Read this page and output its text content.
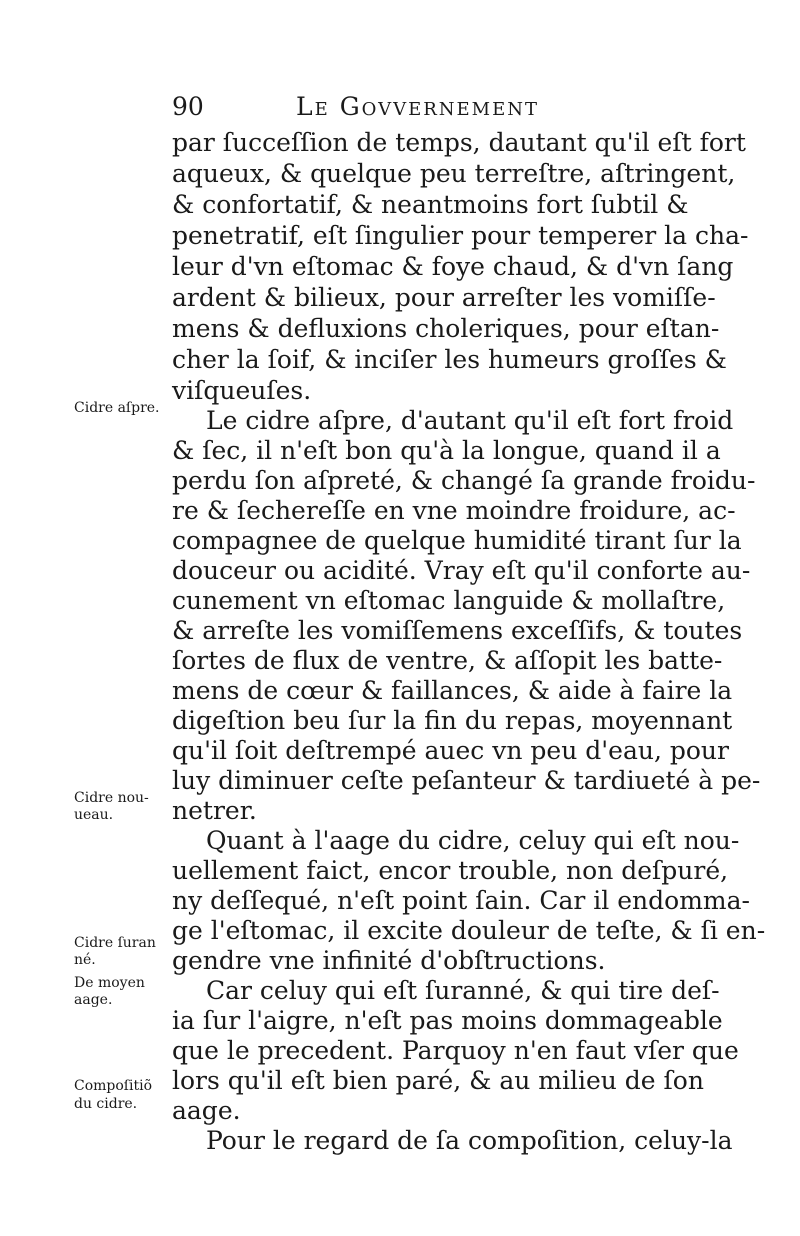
90	Le Govvernement
par ſucceſſion de temps, dautant qu'il eſt fort
aqueux, & quelque peu terreſtre, aſtringent,
& confortatif, & neantmoins fort ſubtil &
penetratif, eſt ſingulier pour temperer la cha-
leur d'vn eſtomac & foye chaud, & d'vn ſang
ardent & bilieux, pour arreſter les vomiſſe-
mens & defluxions choleriques, pour eſtan-
cher la ſoif, & inciſer les humeurs groſſes &
viſqueuſes.
Le cidre aſpre, d'autant qu'il eſt fort froid
& ſec, il n'eſt bon qu'à la longue, quand il a
perdu ſon aſpreté, & changé ſa grande froidu-
re & ſechereſſe en vne moindre froidure, ac-
compagnee de quelque humidité tirant ſur la
douceur ou acidité. Vray eſt qu'il conforte au-
cunement vn eſtomac languide & mollaſtre,
& arreſte les vomiſſemens exceſſifs, & toutes
ſortes de flux de ventre, & aſſopit les batte-
mens de cœur & faillances, & aide à faire la
digeſtion beu ſur la fin du repas, moyennant
qu'il ſoit deſtrempé auec vn peu d'eau, pour
luy diminuer ceſte peſanteur & tardiueté à pe-
netrer.
Quant à l'aage du cidre, celuy qui eſt nou-
uellement faict, encor trouble, non deſpuré,
ny deſſequé, n'eſt point ſain. Car il endomma-
ge l'eſtomac, il excite douleur de teſte, & ſi en-
gendre vne infinité d'obſtructions.
Car celuy qui eſt ſuranné, & qui tire deſ-
ia ſur l'aigre, n'eſt pas moins dommageable
que le precedent. Parquoy n'en faut vſer que
lors qu'il eſt bien paré, & au milieu de ſon
aage.
Pour le regard de ſa compoſition, celuy-la
Cidre aſpre.
Cidre nou-
ueau.
Cidre ſuran
né.
De moyen
aage.
Compoſitiõ
du cidre.
